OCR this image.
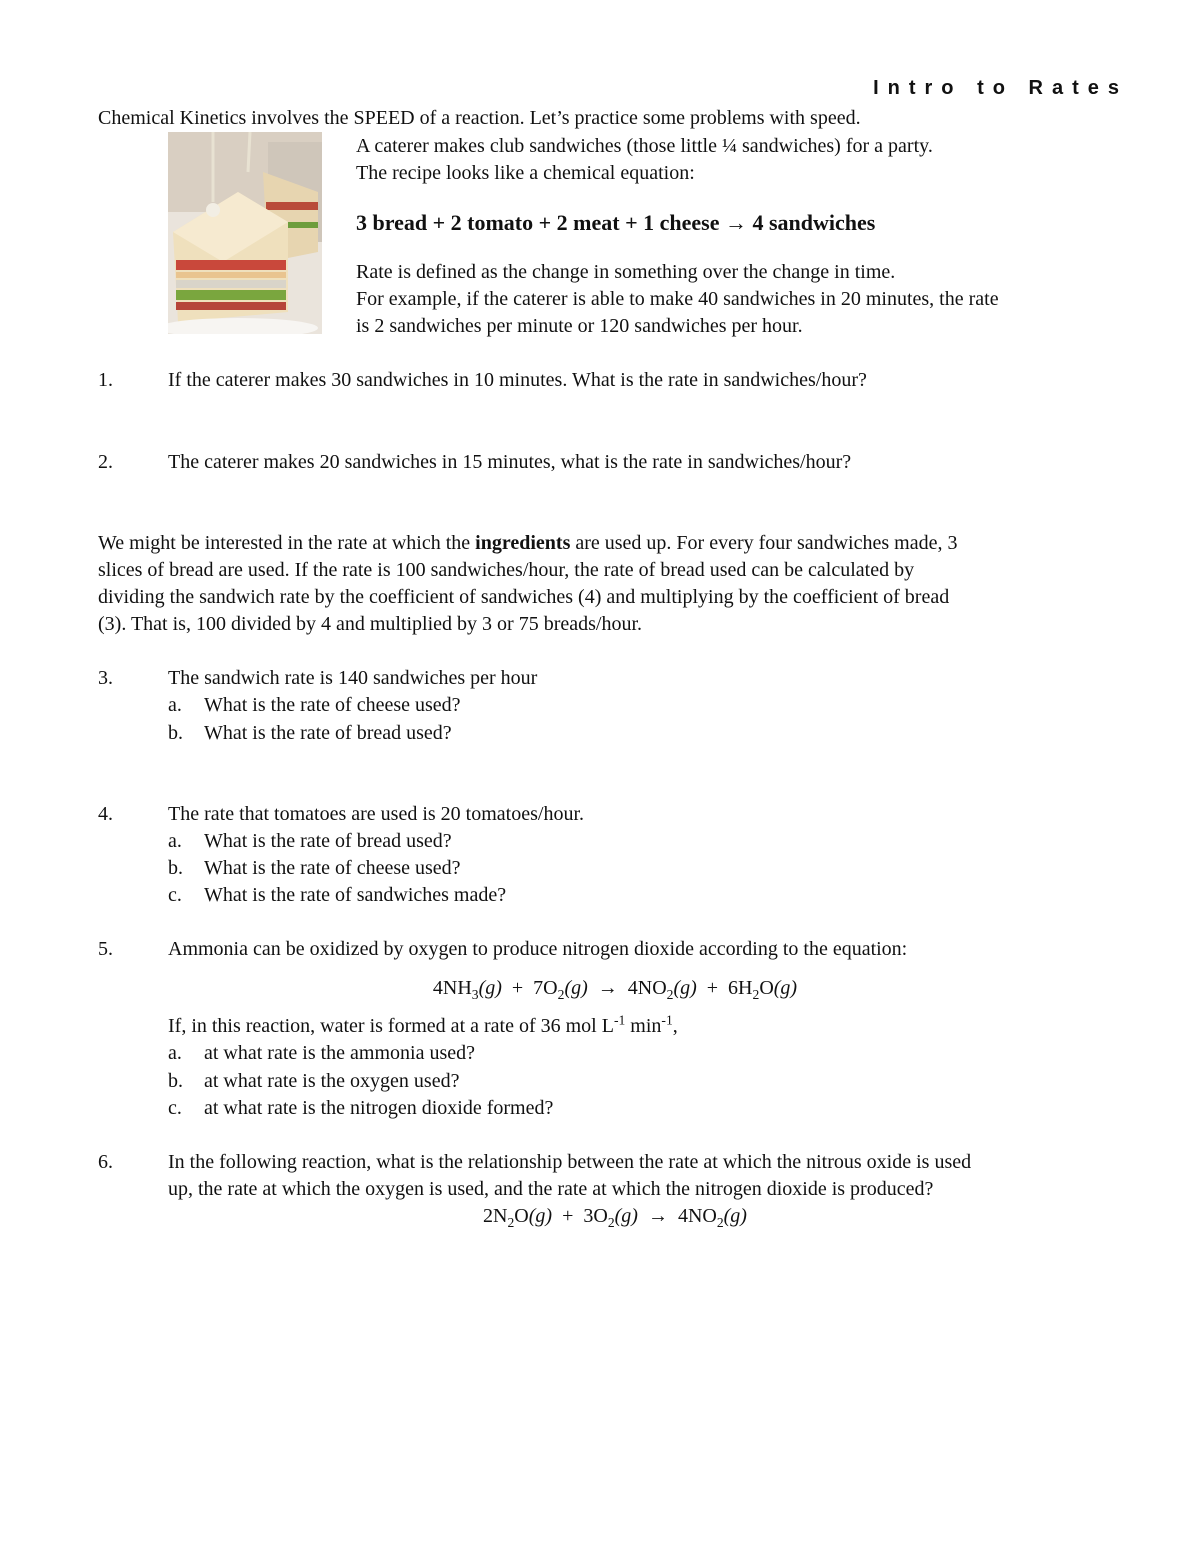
Intro to Rates
Chemical Kinetics involves the SPEED of a reaction. Let’s practice some problems with speed.
A caterer makes club sandwiches (those little ¼ sandwiches) for a party.
The recipe looks like a chemical equation:
3 bread + 2 tomato + 2 meat + 1 cheese → 4 sandwiches
Rate is defined as the change in something over the change in time.
For example, if the caterer is able to make 40 sandwiches in 20 minutes, the rate
is 2 sandwiches per minute or 120 sandwiches per hour.
1.	If the caterer makes 30 sandwiches in 10 minutes. What is the rate in sandwiches/hour?
2.	The caterer makes 20 sandwiches in 15 minutes, what is the rate in sandwiches/hour?
We might be interested in the rate at which the ingredients are used up. For every four sandwiches made, 3
slices of bread are used. If the rate is 100 sandwiches/hour, the rate of bread used can be calculated by
dividing the sandwich rate by the coefficient of sandwiches (4) and multiplying by the coefficient of bread
(3). That is, 100 divided by 4 and multiplied by 3 or 75 breads/hour.
3.	The sandwich rate is 140 sandwiches per hour
a. What is the rate of cheese used?
b. What is the rate of bread used?
4.	The rate that tomatoes are used is 20 tomatoes/hour.
a. What is the rate of bread used?
b. What is the rate of cheese used?
c. What is the rate of sandwiches made?
5.	Ammonia can be oxidized by oxygen to produce nitrogen dioxide according to the equation:
$4NH_3(g) + 7O_2(g) \to 4NO_2(g) + 6H_2O(g)$
If, in this reaction, water is formed at a rate of 36 mol $L^{-1}$ $\min^{-1}$,
a. at what rate is the ammonia used?
b. at what rate is the oxygen used?
c. at what rate is the nitrogen dioxide formed?
6.	In the following reaction, what is the relationship between the rate at which the nitrous oxide is used
up, the rate at which the oxygen is used, and the rate at which the nitrogen dioxide is produced?
$2N_2O(g) + 3O_2(g) \to 4NO_2(g)$
